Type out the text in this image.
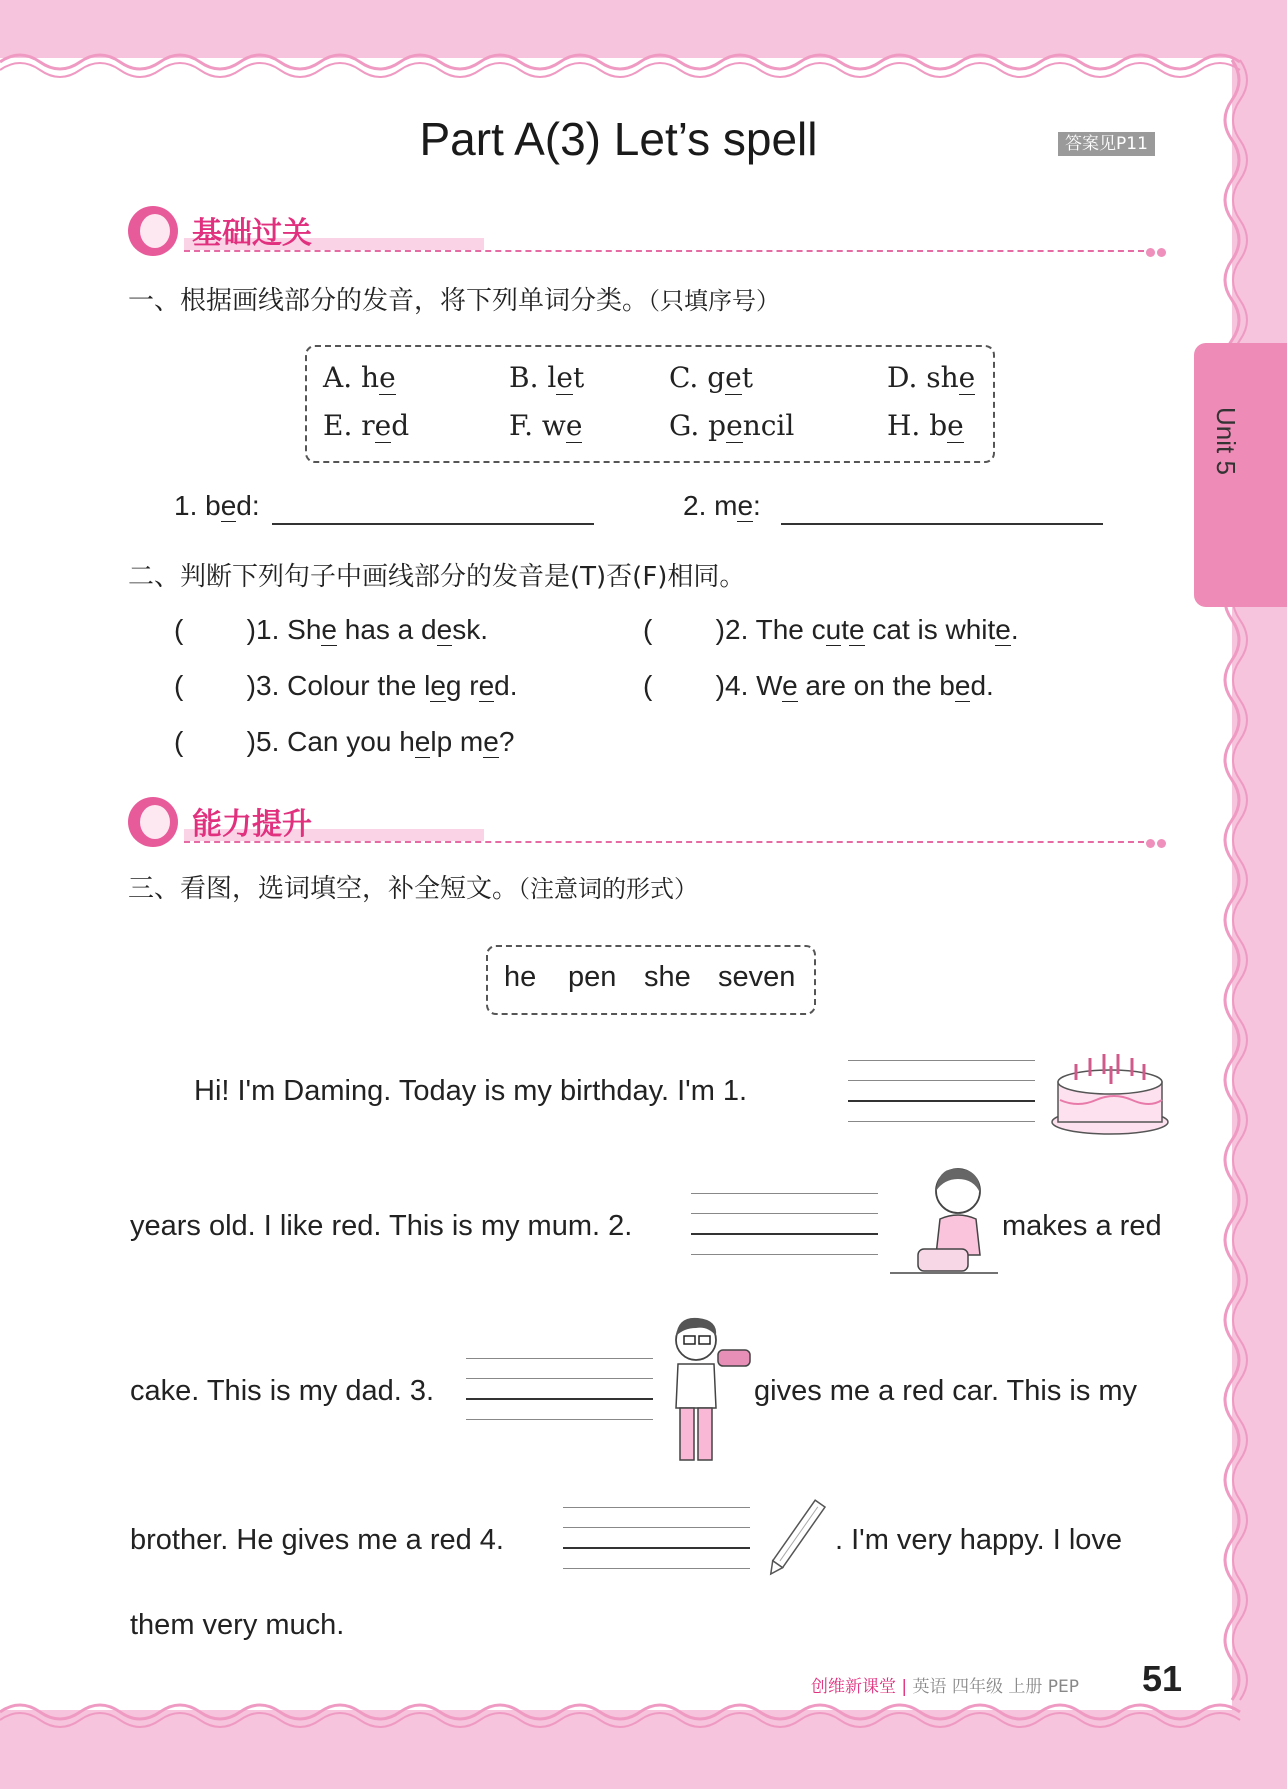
Part A(3) Let’s spell	答案见P11
Unit 5
基础过关
一、根据画线部分的发音，将下列单词分类。（只填序号）
A. he	B. let	C. get	D. she
E. red	F. we	G. pencil	H. be
1. bed:	2. me:
二、判断下列句子中画线部分的发音是(T)否(F)相同。
( ) 1. She has a desk.	( ) 2. The cute cat is white.
( ) 3. Colour the leg red.	( ) 4. We are on the bed.
( ) 5. Can you help me?
能力提升
三、看图，选词填空，补全短文。（注意词的形式）
he pen she seven
Hi! I'm Daming. Today is my birthday. I'm 1.
years old. I like red. This is my mum. 2.	makes a red
cake. This is my dad. 3.	gives me a red car. This is my
brother. He gives me a red 4.	. I'm very happy. I love
them very much.
创维新课堂 | 英语 四年级 上册 PEP 51
